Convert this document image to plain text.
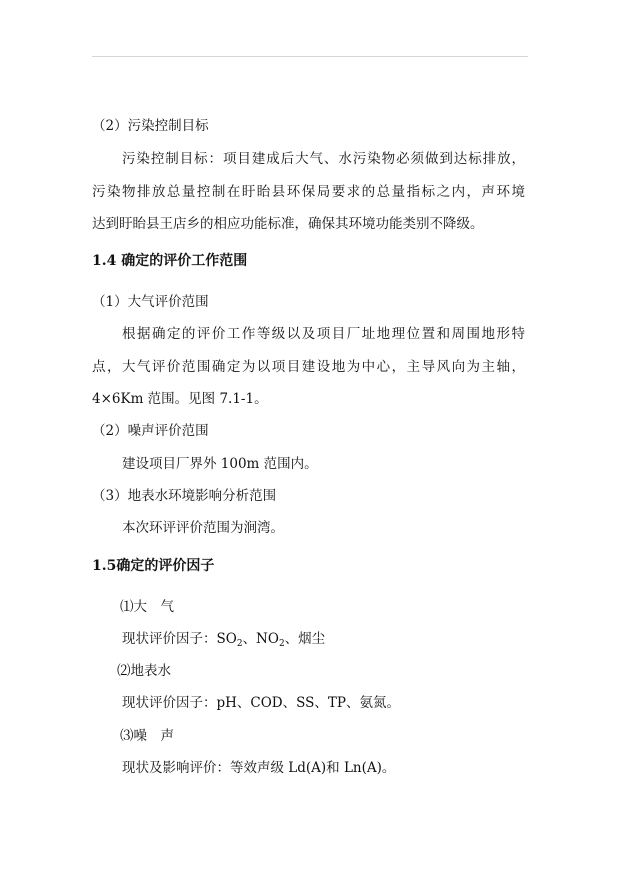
（2）污染控制目标
污染控制目标：项目建成后大气、水污染物必须做到达标排放，
污染物排放总量控制在盱眙县环保局要求的总量指标之内，声环境
达到盱眙县王店乡的相应功能标准，确保其环境功能类别不降级。
1.4 确定的评价工作范围
（1）大气评价范围
根据确定的评价工作等级以及项目厂址地理位置和周围地形特
点，大气评价范围确定为以项目建设地为中心，主导风向为主轴，
4×6Km 范围。见图 7.1-1。
（2）噪声评价范围
建设项目厂界外 100m 范围内。
（3）地表水环境影响分析范围
本次环评评价范围为涧湾。
1.5确定的评价因子
⑴大　气
现状评价因子：$SO_2$、$NO_2$、烟尘
⑵地表水
现状评价因子：pH、COD、SS、TP、氨氮。
⑶噪　声
现状及影响评价：等效声级 Ld(A)和 Ln(A)。
